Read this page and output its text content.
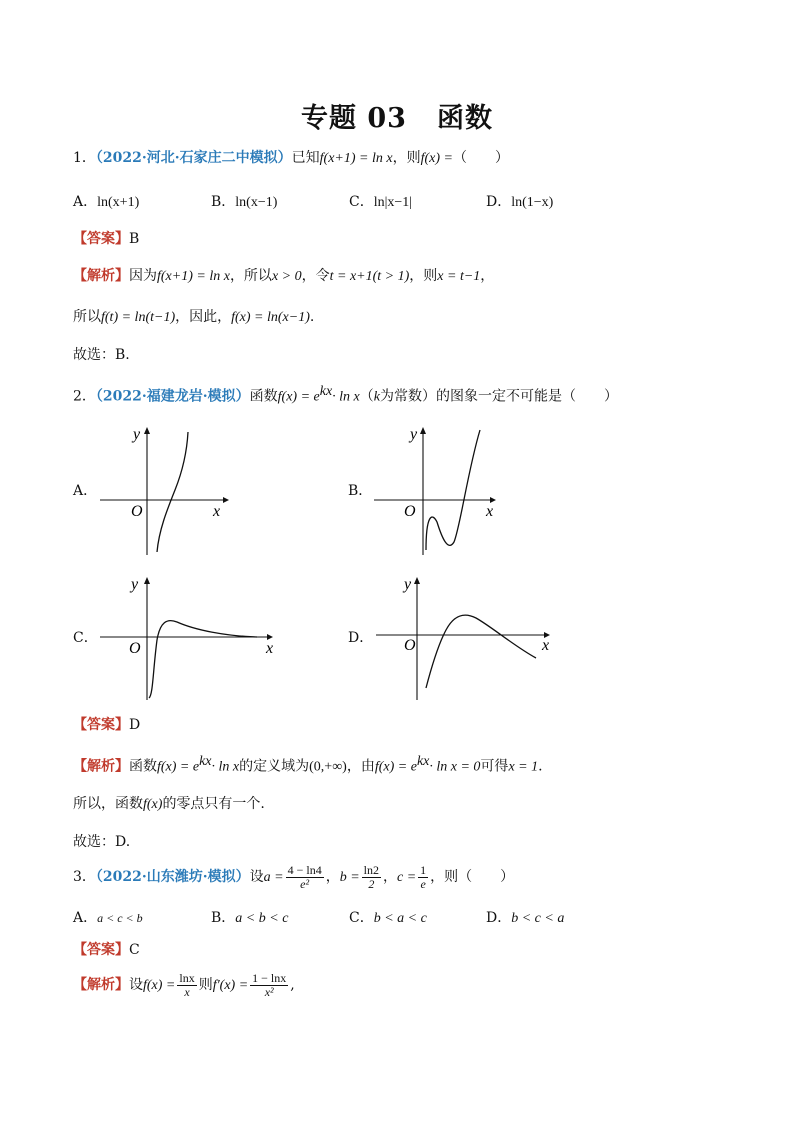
专题 03 函数
1．（2022·河北·石家庄二中模拟）已知f(x+1) = ln x，则f(x) =（　　）
A．ln(x+1)	B．ln(x−1)	C．ln|x−1|	D．ln(1−x)
【答案】B
【解析】因为f(x+1) = ln x，所以x > 0，令t = x+1(t > 1)，则x = t−1，
所以f(t) = ln(t−1)，因此，f(x) = ln(x−1).
故选：B.
2．（2022·福建龙岩·模拟）函数$f(x) = e^{kx}\cdot \ln x(k$为常数）的图象一定不可能是（　　）
A．
y
x
O
B．
y
x
O
C．
y
x
O
D．
y
x
O
【答案】D
【解析】函数$f(x) = e^{kx}\cdot \ln x$的定义域为(0,+∞)，由$f(x) = e^{kx}\cdot \ln x = 0$可得x = 1.
所以，函数f(x)的零点只有一个.
故选：D.
3．（2022·山东潍坊·模拟）设$a = \frac{4 - \ln 4}{\text{e²}}$ ，$b = \frac{\ln 2}{2}$ ，$c = \frac{1}{e}$ ，则（　　）
A．a < c < b	B．a < b < c	C．b < a < c	D．b < c < a
【答案】C
【解析】设$f(x) = \frac{\ln x}{x}$ 则$f'(x) = \frac{1 - \ln x}{\text{x²}}$ ,
